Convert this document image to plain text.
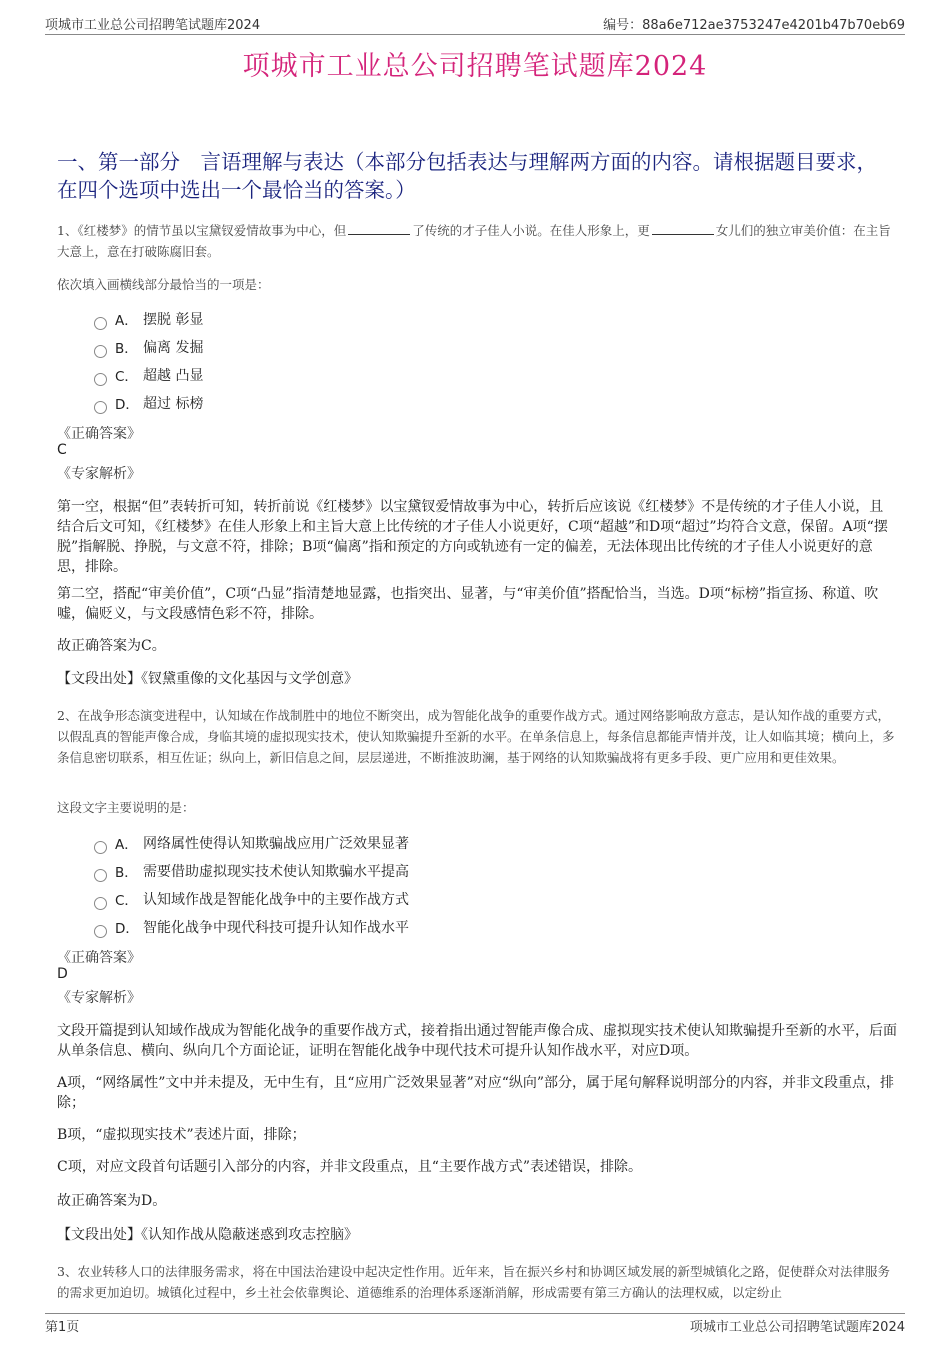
项城市工业总公司招聘笔试题库2024	编号：88a6e712ae3753247e4201b47b70eb69
项城市工业总公司招聘笔试题库2024
一、第一部分　言语理解与表达（本部分包括表达与理解两方面的内容。请根据题目要求，在四个选项中选出一个最恰当的答案。）
1、《红楼梦》的情节虽以宝黛钗爱情故事为中心，但	了传统的才子佳人小说。在佳人形象上，更	女儿们的独立审美价值：在主旨大意上，意在打破陈腐旧套。
依次填入画横线部分最恰当的一项是：
A． 摆脱 彰显
B． 偏离 发掘
C． 超越 凸显
D． 超过 标榜
《正确答案》
C
《专家解析》
第一空，根据“但”表转折可知，转折前说《红楼梦》以宝黛钗爱情故事为中心，转折后应该说《红楼梦》不是传统的才子佳人小说，且结合后文可知，《红楼梦》在佳人形象上和主旨大意上比传统的才子佳人小说更好，C项“超越”和D项“超过”均符合文意，保留。A项“摆脱”指解脱、挣脱，与文意不符，排除；B项“偏离”指和预定的方向或轨迹有一定的偏差，无法体现出比传统的才子佳人小说更好的意思，排除。
第二空，搭配“审美价值”，C项“凸显”指清楚地显露，也指突出、显著，与“审美价值”搭配恰当，当选。D项“标榜”指宣扬、称道、吹嘘，偏贬义，与文段感情色彩不符，排除。
故正确答案为C。
【文段出处】《钗黛重像的文化基因与文学创意》
2、在战争形态演变进程中，认知域在作战制胜中的地位不断突出，成为智能化战争的重要作战方式。通过网络影响敌方意志，是认知作战的重要方式，以假乱真的智能声像合成，身临其境的虚拟现实技术，使认知欺骗提升至新的水平。在单条信息上，每条信息都能声情并茂，让人如临其境；横向上，多条信息密切联系，相互佐证；纵向上，新旧信息之间，层层递进，不断推波助澜，基于网络的认知欺骗战将有更多手段、更广应用和更佳效果。
这段文字主要说明的是：
A． 网络属性使得认知欺骗战应用广泛效果显著
B． 需要借助虚拟现实技术使认知欺骗水平提高
C． 认知域作战是智能化战争中的主要作战方式
D． 智能化战争中现代科技可提升认知作战水平
《正确答案》
D
《专家解析》
文段开篇提到认知域作战成为智能化战争的重要作战方式，接着指出通过智能声像合成、虚拟现实技术使认知欺骗提升至新的水平，后面从单条信息、横向、纵向几个方面论证，证明在智能化战争中现代技术可提升认知作战水平，对应D项。
A项，“网络属性”文中并未提及，无中生有，且“应用广泛效果显著”对应“纵向”部分，属于尾句解释说明部分的内容，并非文段重点，排除；
B项，“虚拟现实技术”表述片面，排除；
C项，对应文段首句话题引入部分的内容，并非文段重点，且“主要作战方式”表述错误，排除。
故正确答案为D。
【文段出处】《认知作战从隐蔽迷惑到攻志控脑》
3、农业转移人口的法律服务需求，将在中国法治建设中起决定性作用。近年来，旨在振兴乡村和协调区域发展的新型城镇化之路，促使群众对法律服务的需求更加迫切。城镇化过程中，乡土社会依靠舆论、道德维系的治理体系逐渐消解，形成需要有第三方确认的法理权威，以定纷止
第1页	项城市工业总公司招聘笔试题库2024
